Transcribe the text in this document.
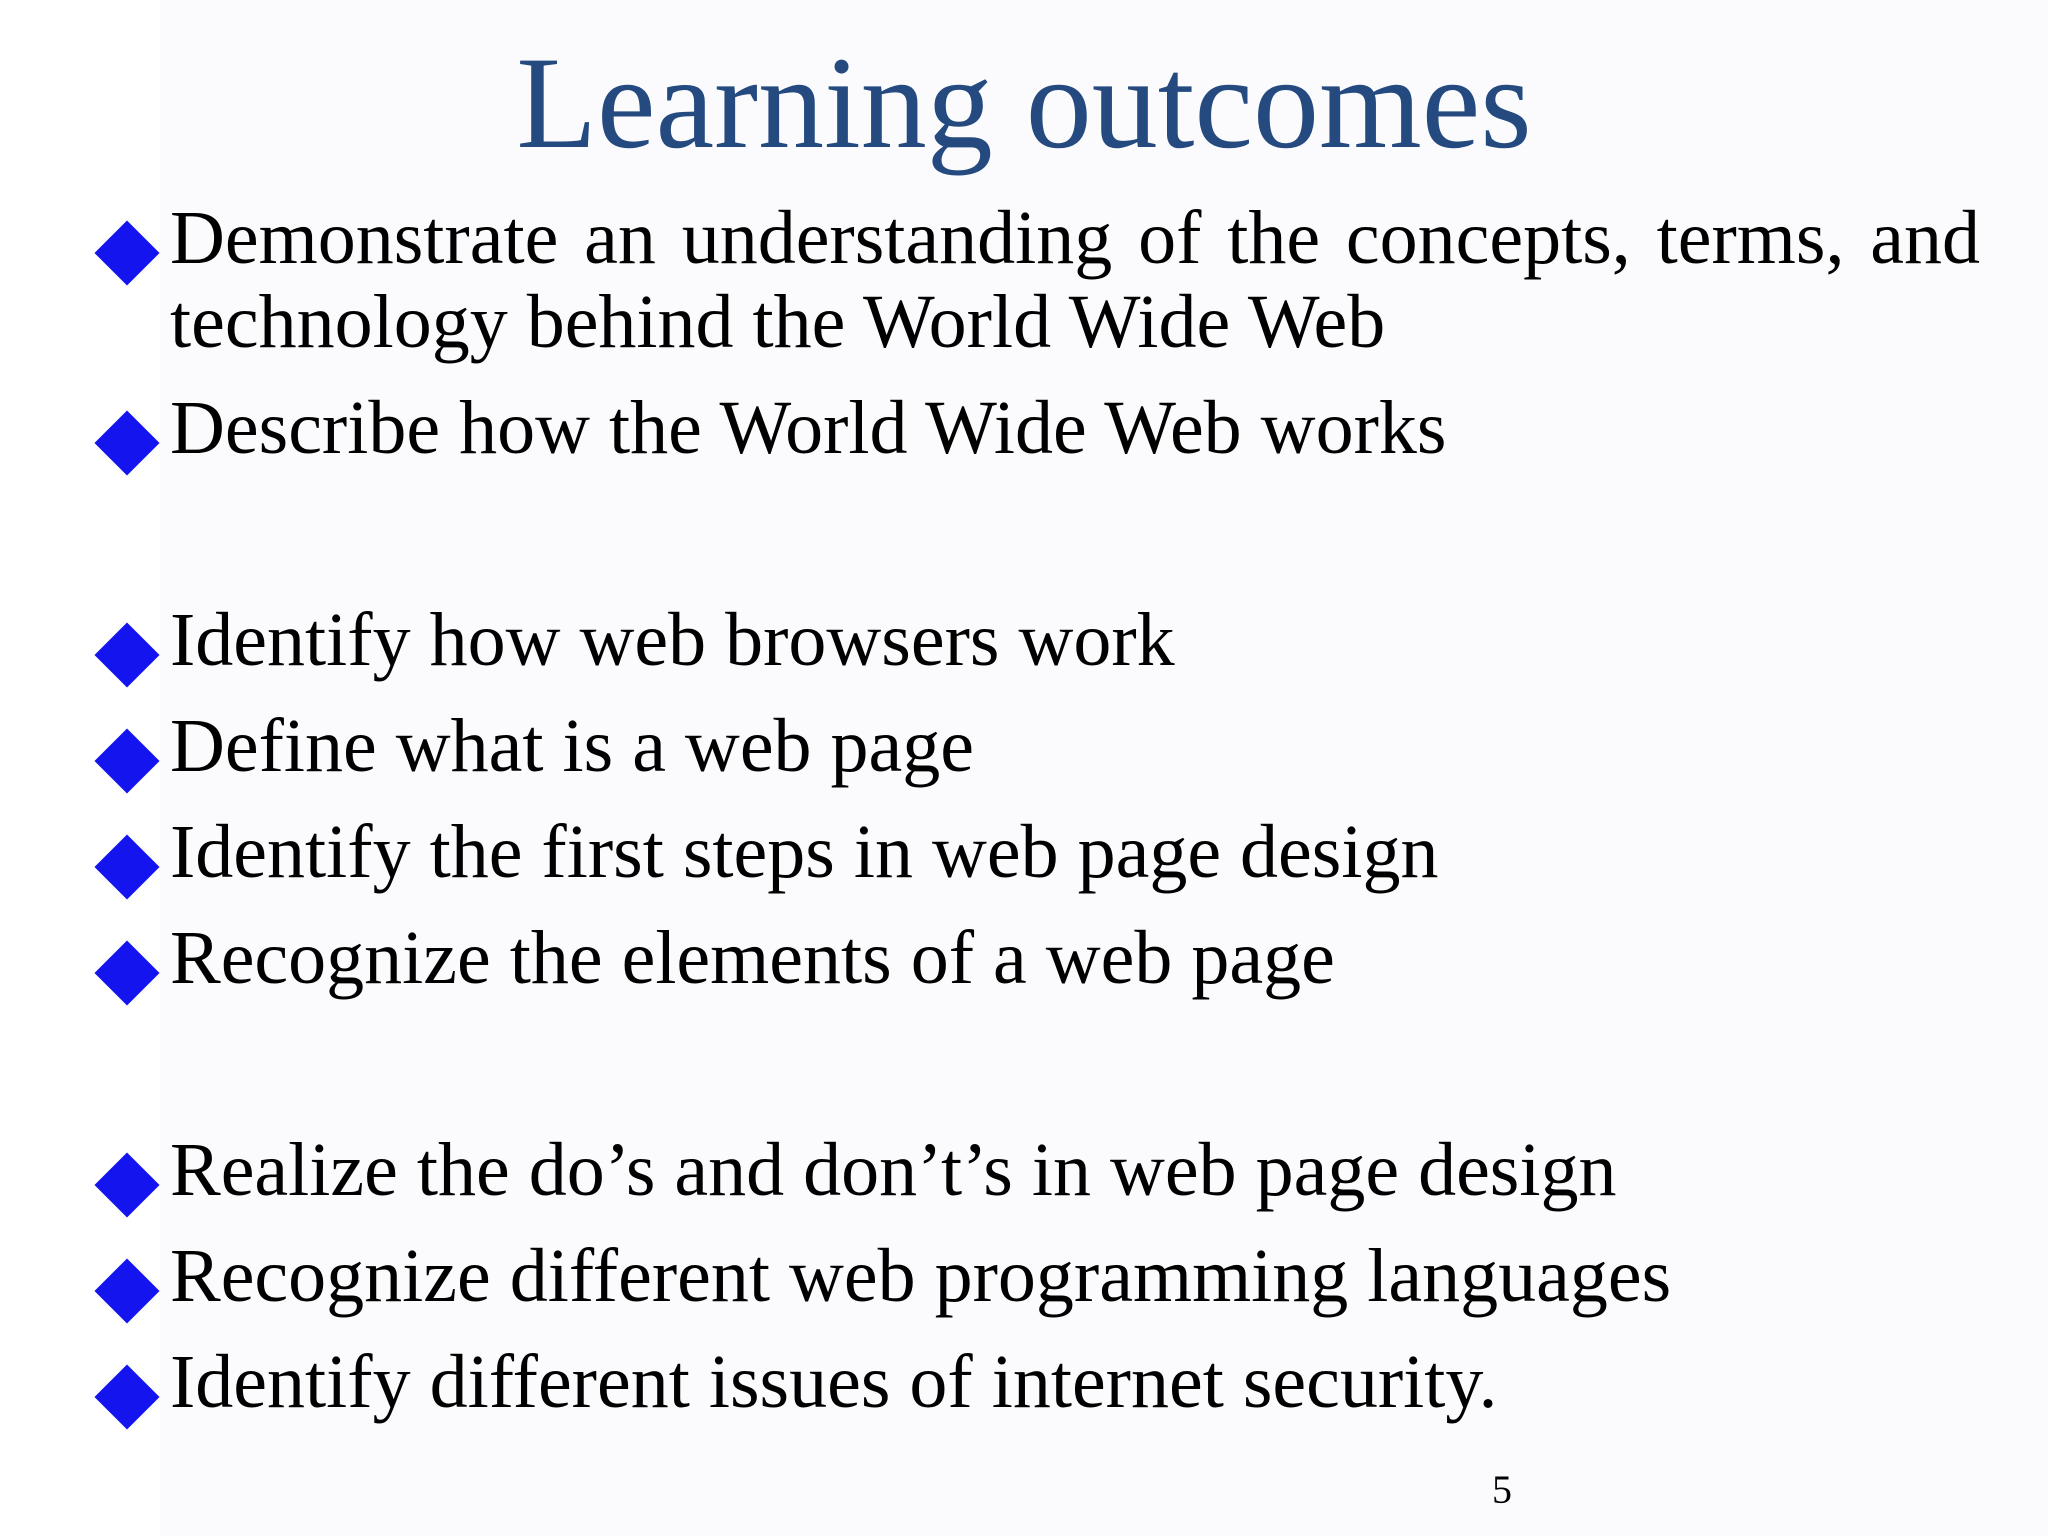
Learning outcomes
Demonstrate an understanding of the concepts, terms, and technology behind the World Wide Web
Describe how the World Wide Web works
Identify how web browsers work
Define what is a web page
Identify the first steps in web page design
Recognize the elements of a web page
Realize the do’s and don’t’s in web page design
Recognize different web programming languages
Identify different issues of internet security.
5
